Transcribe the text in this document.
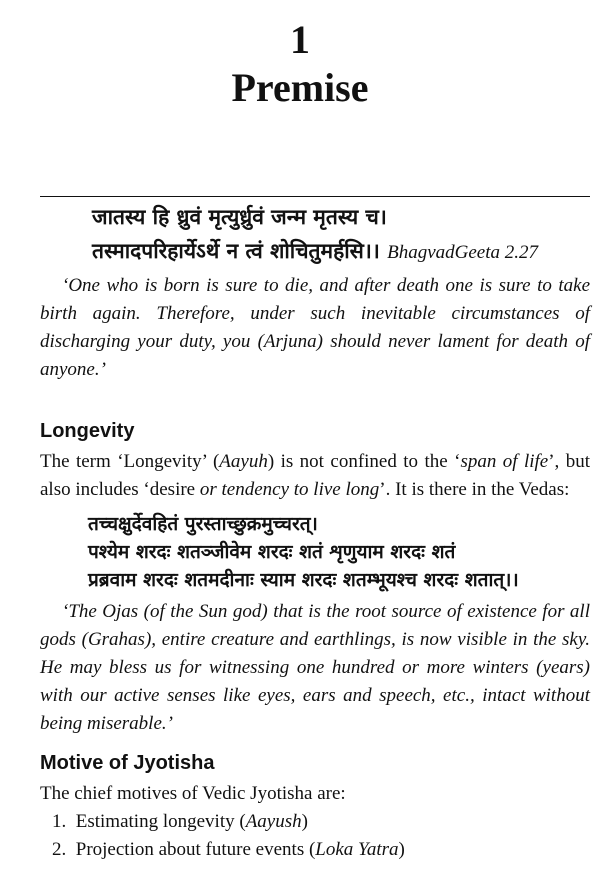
1
Premise
जातस्य हि ध्रुवं मृत्युर्ध्रुवं जन्म मृतस्य च।
तस्मादपरिहार्येऽर्थे न त्वं शोचितुमर्हसि।। BhagvadGeeta 2.27
‘One who is born is sure to die, and after death one is sure to take birth again. Therefore, under such inevitable circumstances of discharging your duty, you (Arjuna) should never lament for death of anyone.’
Longevity
The term ‘Longevity’ (Aayuh) is not confined to the ‘span of life’, but also includes ‘desire or tendency to live long’. It is there in the Vedas:
तच्चक्षुर्देवहितं पुरस्ताच्छुक्रमुच्चरत्।
पश्येम शरदः शतञ्जीवेम शरदः शतं शृणुयाम शरदः शतं
प्रब्रवाम शरदः शतमदीनाः स्याम शरदः शतम्भूयश्च शरदः शतात्।।
‘The Ojas (of the Sun god) that is the root source of existence for all gods (Grahas), entire creature and earthlings, is now visible in the sky. He may bless us for witnessing one hundred or more winters (years) with our active senses like eyes, ears and speech, etc., intact without being miserable.’
Motive of Jyotisha
The chief motives of Vedic Jyotisha are:
1. Estimating longevity (Aayush)
2. Projection about future events (Loka Yatra)
